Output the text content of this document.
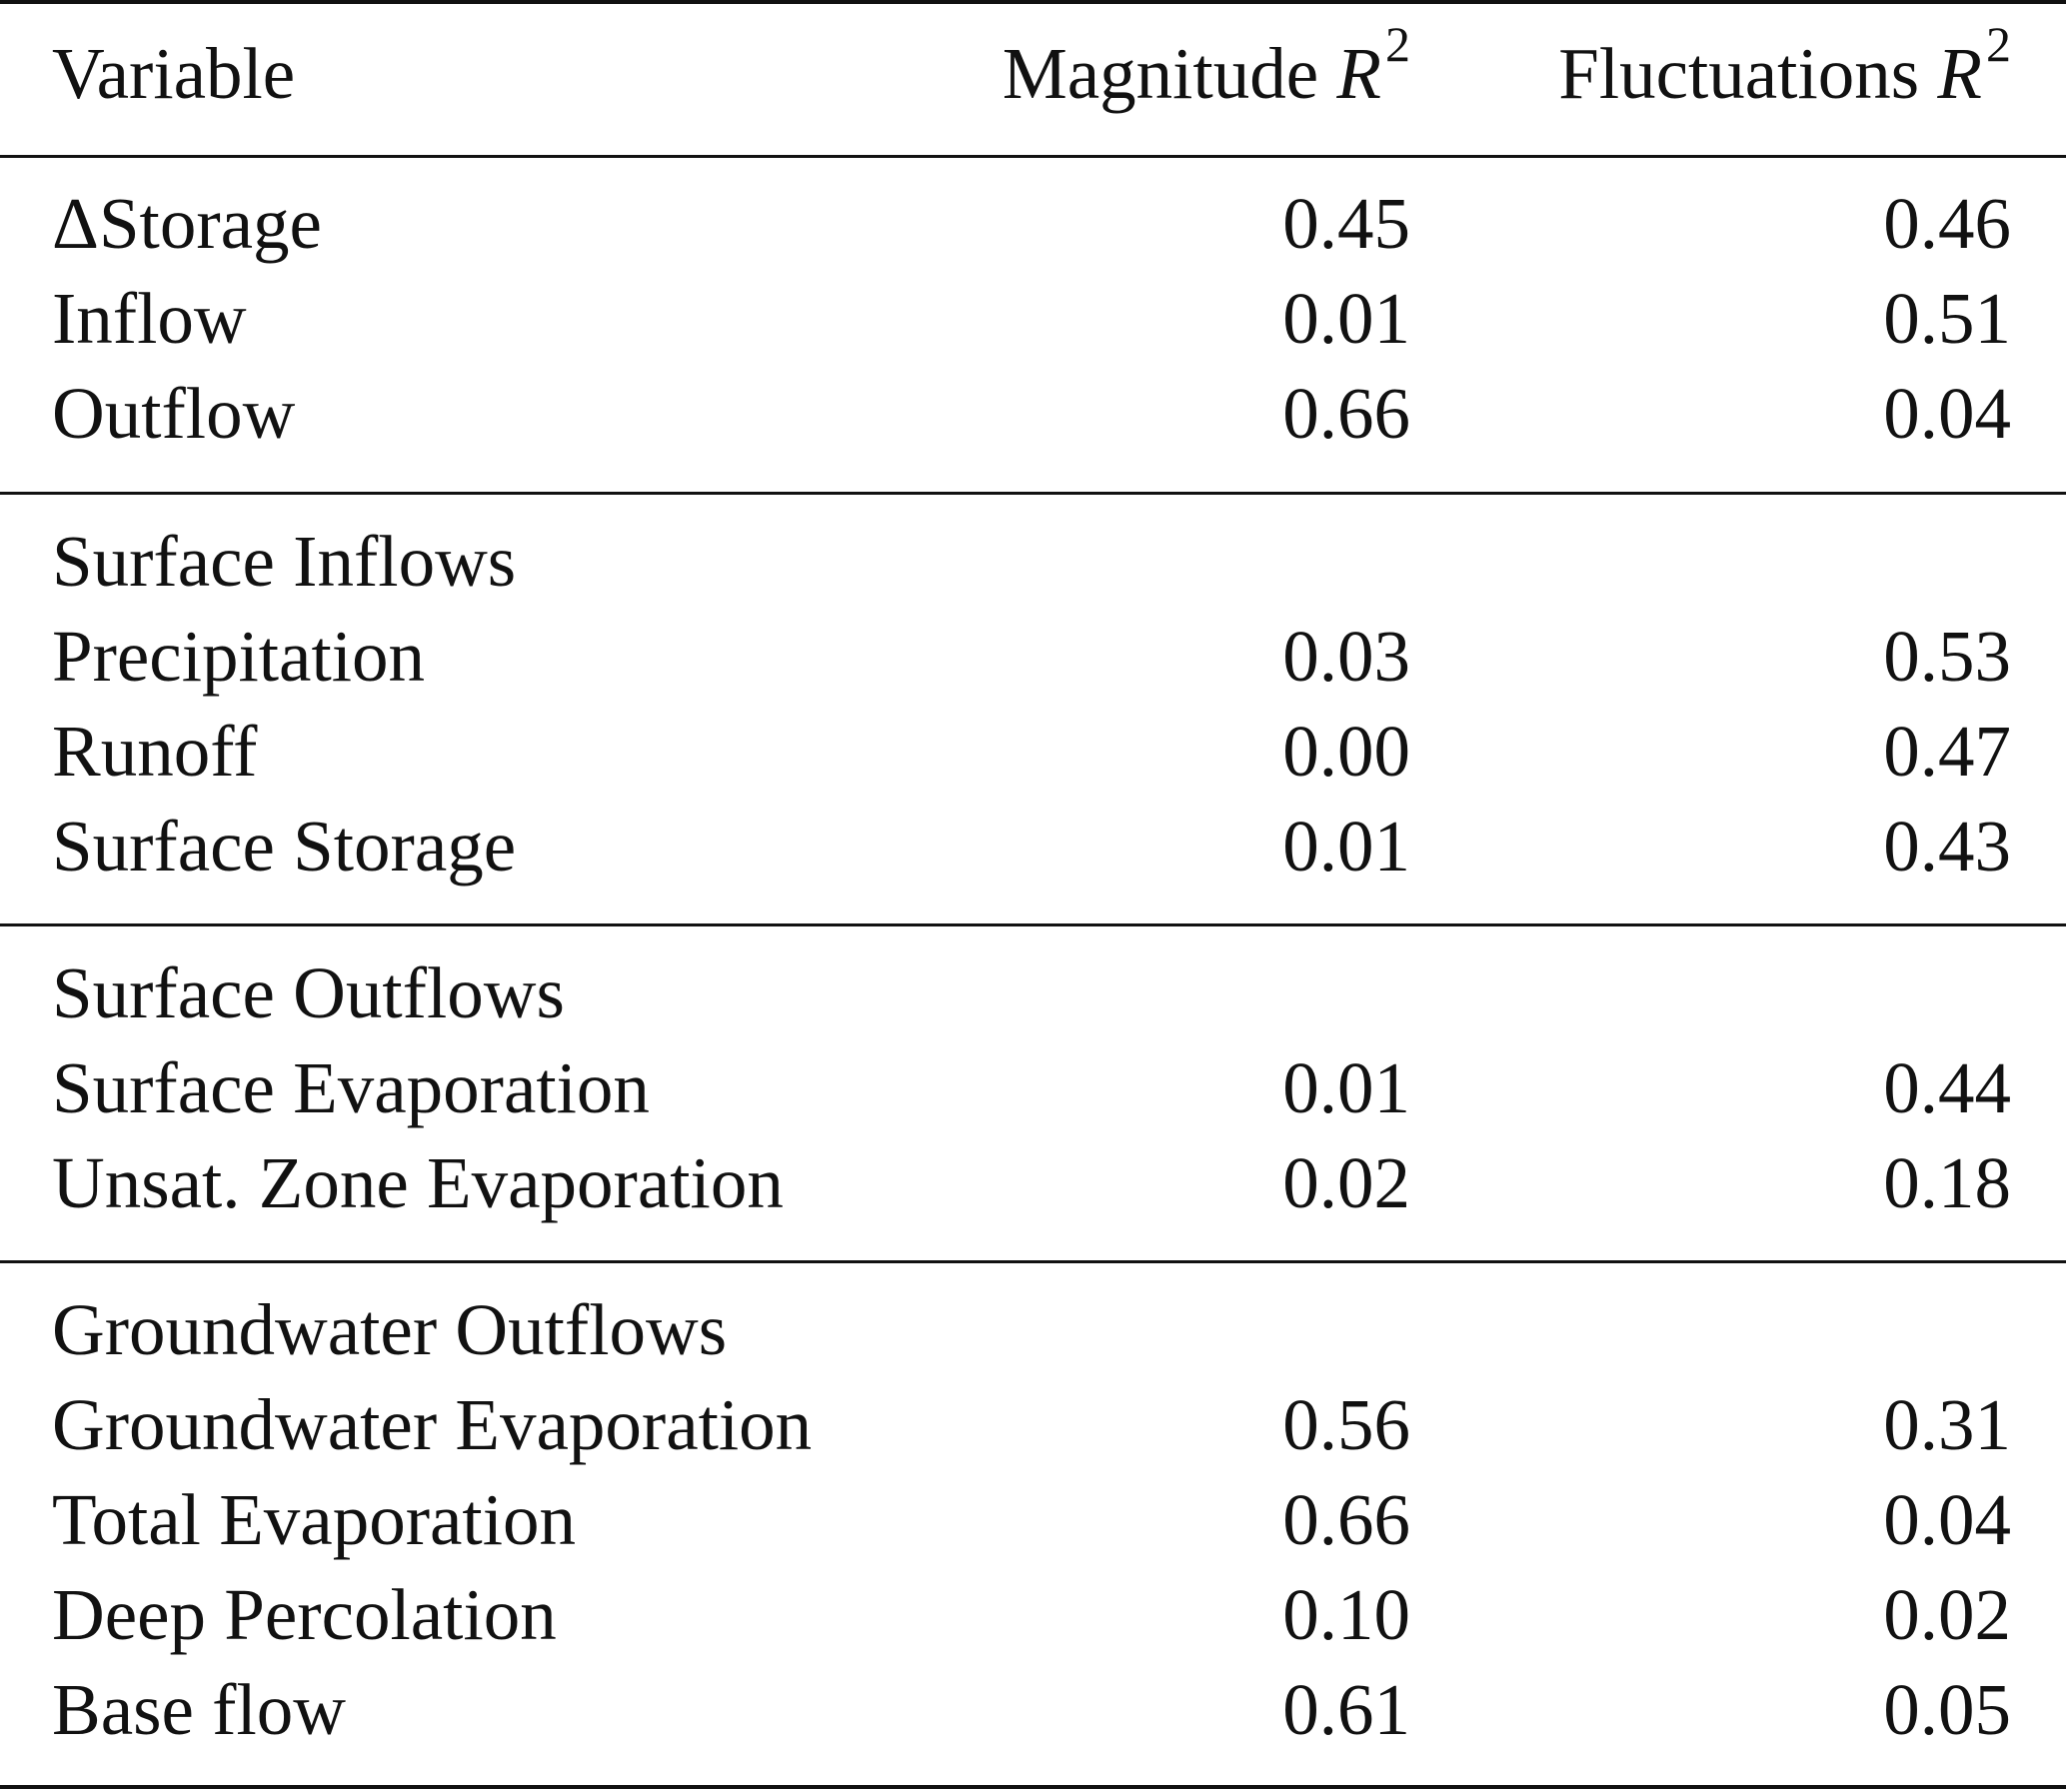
Variable	Magnitude $R^2$ Fluctuations $R^2$
ΔStorage	0.45	0.46
Inflow	0.01	0.51
Outflow	0.66	0.04
Surface Inflows
Precipitation	0.03	0.53
Runoff	0.00	0.47
Surface Storage	0.01	0.43
Surface Outflows
Surface Evaporation	0.01	0.44
Unsat. Zone Evaporation	0.02	0.18
Groundwater Outflows
Groundwater Evaporation	0.56	0.31
Total Evaporation	0.66	0.04
Deep Percolation	0.10	0.02
Base flow	0.61	0.05
